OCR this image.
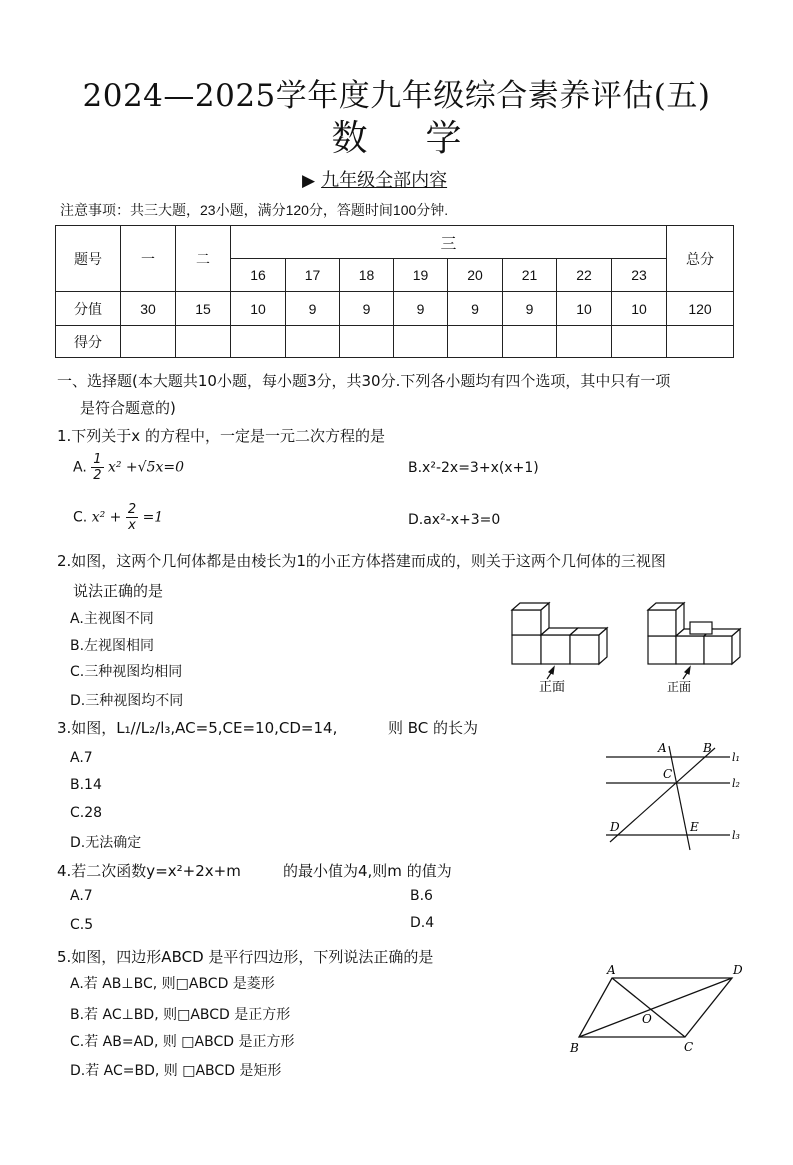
2024—2025学年度九年级综合素养评估(五)
数学
▶ 九年级全部内容
注意事项：共三大题，23小题，满分120分，答题时间100分钟.
题号	一	二	三								总分
			16	17	18	19	20	21	22	23	
分值	30	15	10	9	9	9	9	9	10	10	120
得分											
一、选择题(本大题共10小题，每小题3分，共30分.下列各小题均有四个选项，其中只有一项
是符合题意的)
1.下列关于x 的方程中，一定是一元二次方程的是
A. $\frac{1}{2} x^2 +√5x=0$	B.x²-2x=3+x(x+1)
C. $x^2 + \frac{2}{x} =1$	D.ax²-x+3=0
2.如图，这两个几何体都是由棱长为1的小正方体搭建而成的，则关于这两个几何体的三视图
说法正确的是
A.主视图不同
B.左视图相同
C.三种视图均相同
D.三种视图均不同
正面	正面
3.如图，L₁//L₂/l₃,AC=5,CE=10,CD=14,	则 BC 的长为
A.7
B.14
C.28
D.无法确定
A	B
C
D	E
l₁
l₂
l₃
4.若二次函数y=x²+2x+m	的最小值为4,则m 的值为
A.7	B.6
C.5	D.4
5.如图，四边形ABCD 是平行四边形，下列说法正确的是
A.若 AB⊥BC, 则□ABCD 是菱形
B.若 AC⊥BD, 则□ABCD 是正方形
C.若 AB=AD, 则 □ABCD 是正方形
D.若 AC=BD, 则 □ABCD 是矩形
A	D
B	C
O
